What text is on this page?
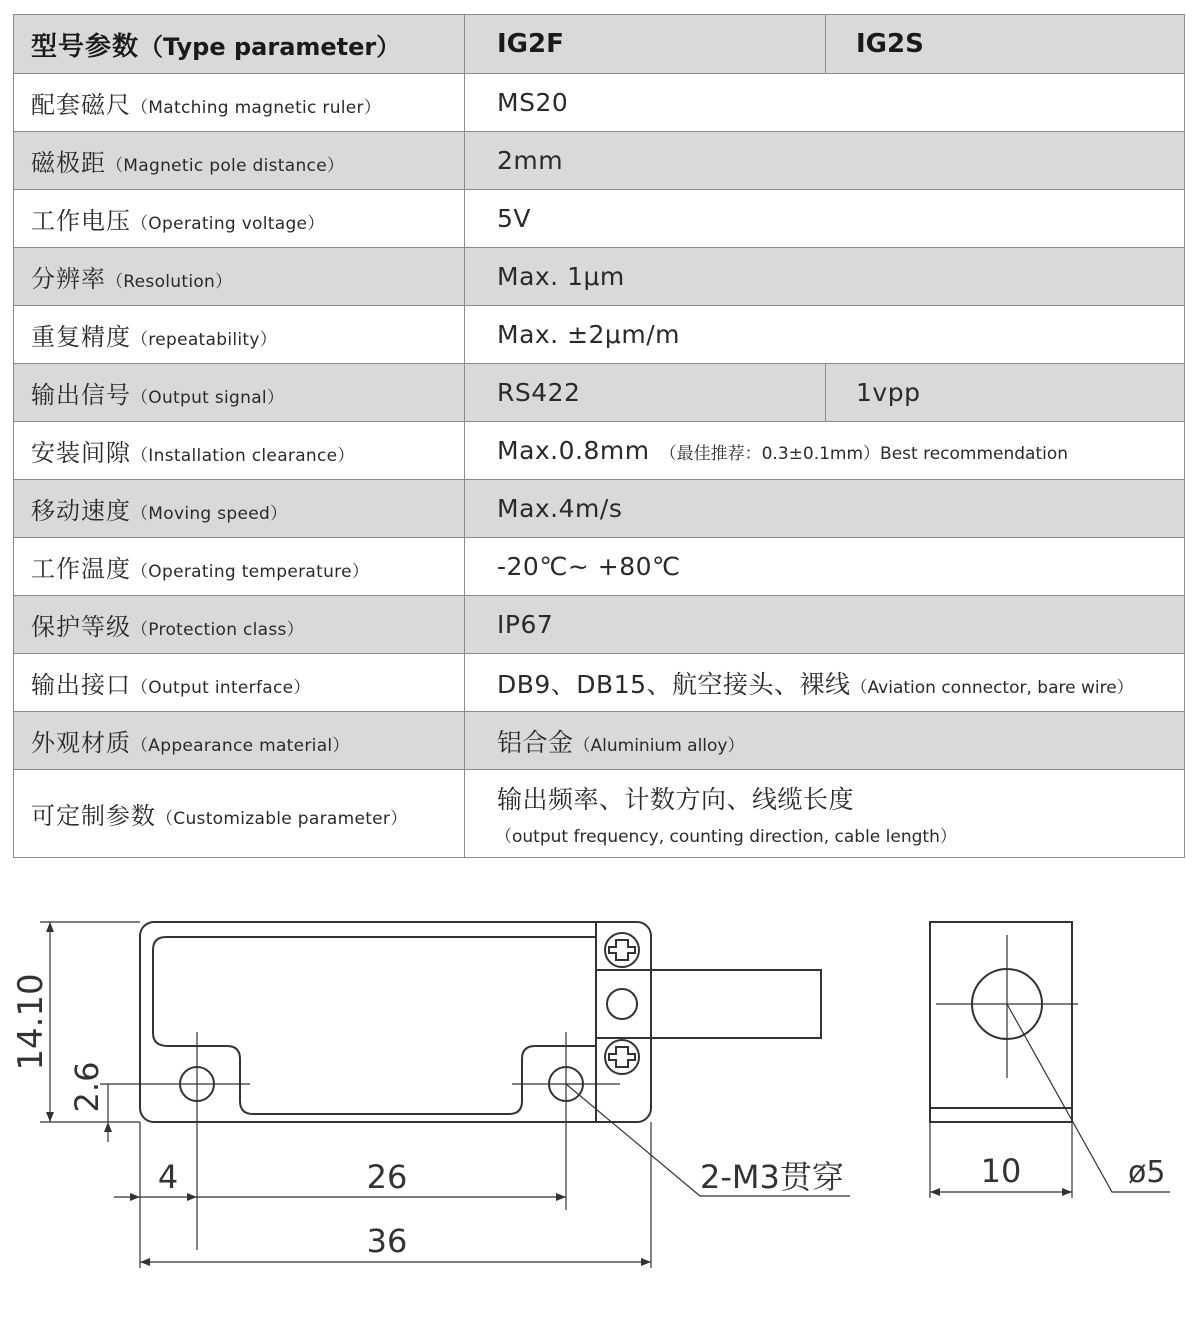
型号参数（Type parameter）	IG2F	IG2S
配套磁尺（Matching magnetic ruler）	MS20	
磁极距（Magnetic pole distance）	2mm	
工作电压（Operating voltage）	5V	
分辨率（Resolution）	Max. 1μm	
重复精度（repeatability）	Max. ±2μm/m	
输出信号（Output signal）	RS422	1vpp
安装间隙（Installation clearance）	Max.0.8mm （最佳推荐：0.3±0.1mm）Best recommendation	
移动速度（Moving speed）	Max.4m/s	
工作温度（Operating temperature）	-20℃~ +80℃	
保护等级（Protection class）	IP67	
输出接口（Output interface）	DB9、DB15、航空接头、裸线（Aviation connector, bare wire）	
外观材质（Appearance material）	铝合金（Aluminium alloy）	
可定制参数（Customizable parameter）	输出频率、计数方向、线缆长度
（output frequency, counting direction, cable length）	
14.10
2.6
4	26
36
2-M3贯穿	10	ø5
